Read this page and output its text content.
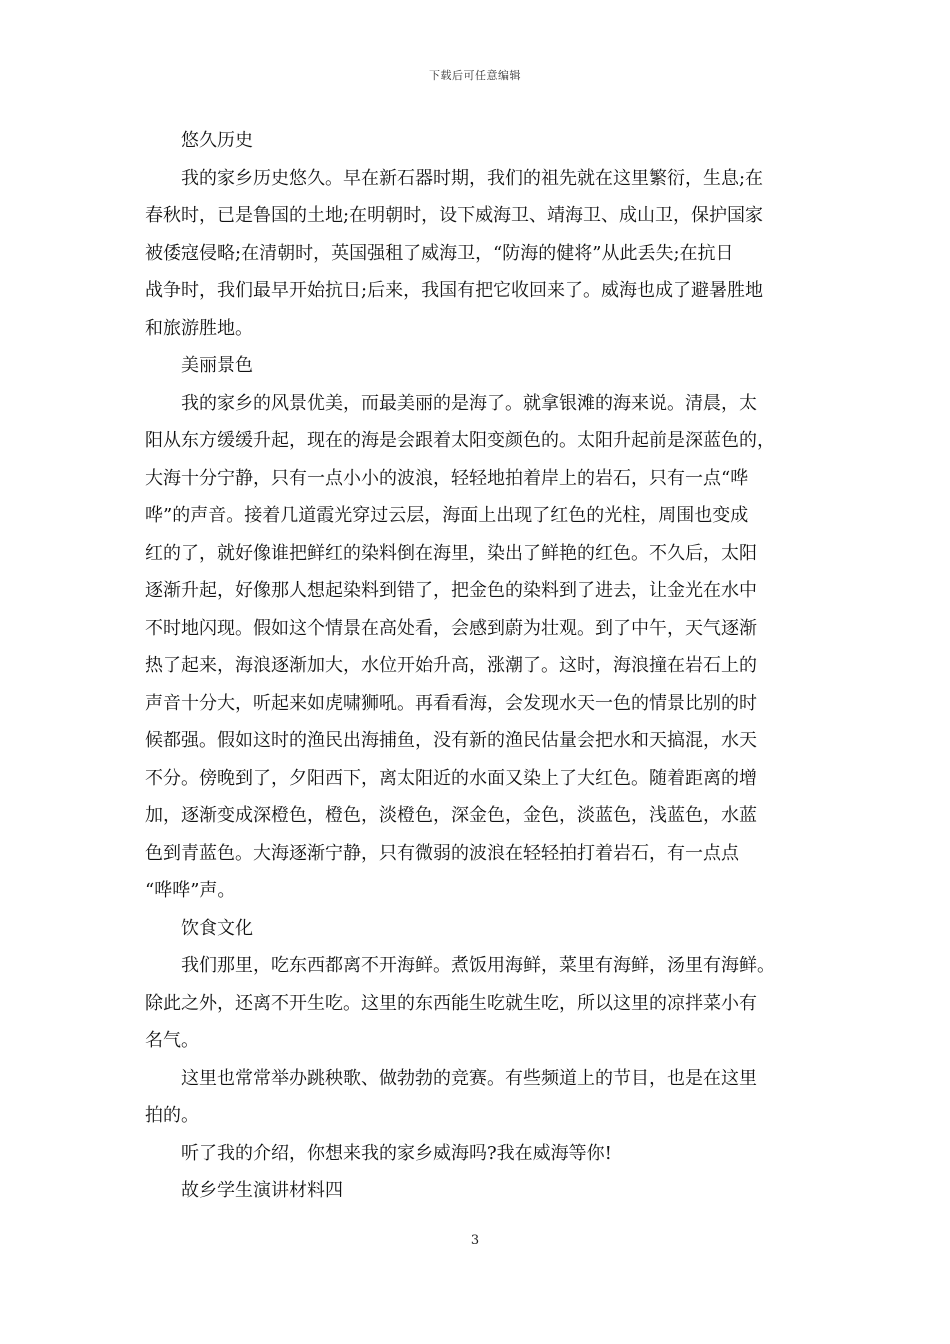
下载后可任意编辑
悠久历史

我的家乡历史悠久。早在新石器时期，我们的祖先就在这里繁衍，生息;在
春秋时，已是鲁国的土地;在明朝时，设下威海卫、靖海卫、成山卫，保护国家
被倭寇侵略;在清朝时，英国强租了威海卫，“防海的健将”从此丢失;在抗日
战争时，我们最早开始抗日;后来，我国有把它收回来了。威海也成了避暑胜地
和旅游胜地。

美丽景色

我的家乡的风景优美，而最美丽的是海了。就拿银滩的海来说。清晨，太
阳从东方缓缓升起，现在的海是会跟着太阳变颜色的。太阳升起前是深蓝色的，
大海十分宁静，只有一点小小的波浪，轻轻地拍着岸上的岩石，只有一点“哗
哗”的声音。接着几道霞光穿过云层，海面上出现了红色的光柱，周围也变成
红的了，就好像谁把鲜红的染料倒在海里，染出了鲜艳的红色。不久后，太阳
逐渐升起，好像那人想起染料到错了，把金色的染料到了进去，让金光在水中
不时地闪现。假如这个情景在高处看，会感到蔚为壮观。到了中午，天气逐渐
热了起来，海浪逐渐加大，水位开始升高，涨潮了。这时，海浪撞在岩石上的
声音十分大，听起来如虎啸狮吼。再看看海，会发现水天一色的情景比别的时
候都强。假如这时的渔民出海捕鱼，没有新的渔民估量会把水和天搞混，水天
不分。傍晚到了，夕阳西下，离太阳近的水面又染上了大红色。随着距离的增
加，逐渐变成深橙色，橙色，淡橙色，深金色，金色，淡蓝色，浅蓝色，水蓝
色到青蓝色。大海逐渐宁静，只有微弱的波浪在轻轻拍打着岩石，有一点点
“哗哗”声。

饮食文化

我们那里，吃东西都离不开海鲜。煮饭用海鲜，菜里有海鲜，汤里有海鲜。
除此之外，还离不开生吃。这里的东西能生吃就生吃，所以这里的凉拌菜小有
名气。

这里也常常举办跳秧歌、做勃勃的竞赛。有些频道上的节目，也是在这里
拍的。

听了我的介绍，你想来我的家乡威海吗?我在威海等你!

故乡学生演讲材料四
3
